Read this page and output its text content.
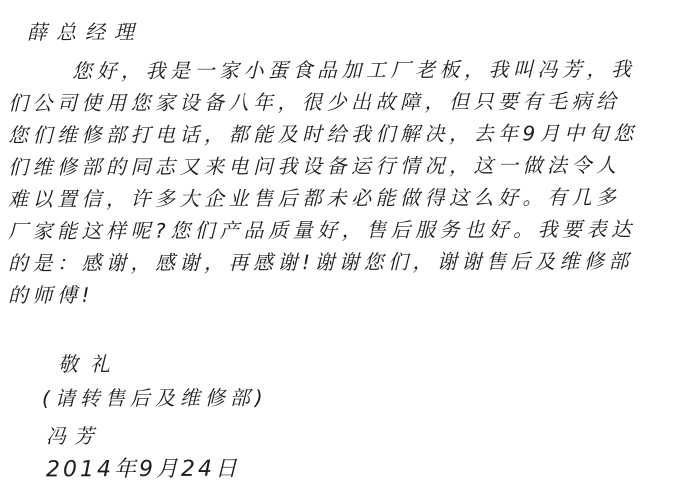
薛总经理
您好，我是一家小蛋食品加工厂老板，我叫冯芳，我
们公司使用您家设备八年，很少出故障，但只要有毛病给
您们维修部打电话，都能及时给我们解决，去年9月中旬您
们维修部的同志又来电问我设备运行情况，这一做法令人
难以置信，许多大企业售后都未必能做得这么好。有几多
厂家能这样呢?您们产品质量好，售后服务也好。我要表达
的是：感谢，感谢，再感谢!谢谢您们，谢谢售后及维修部
的师傅!
敬礼
(请转售后及维修部)
冯芳
2014年9月24日
